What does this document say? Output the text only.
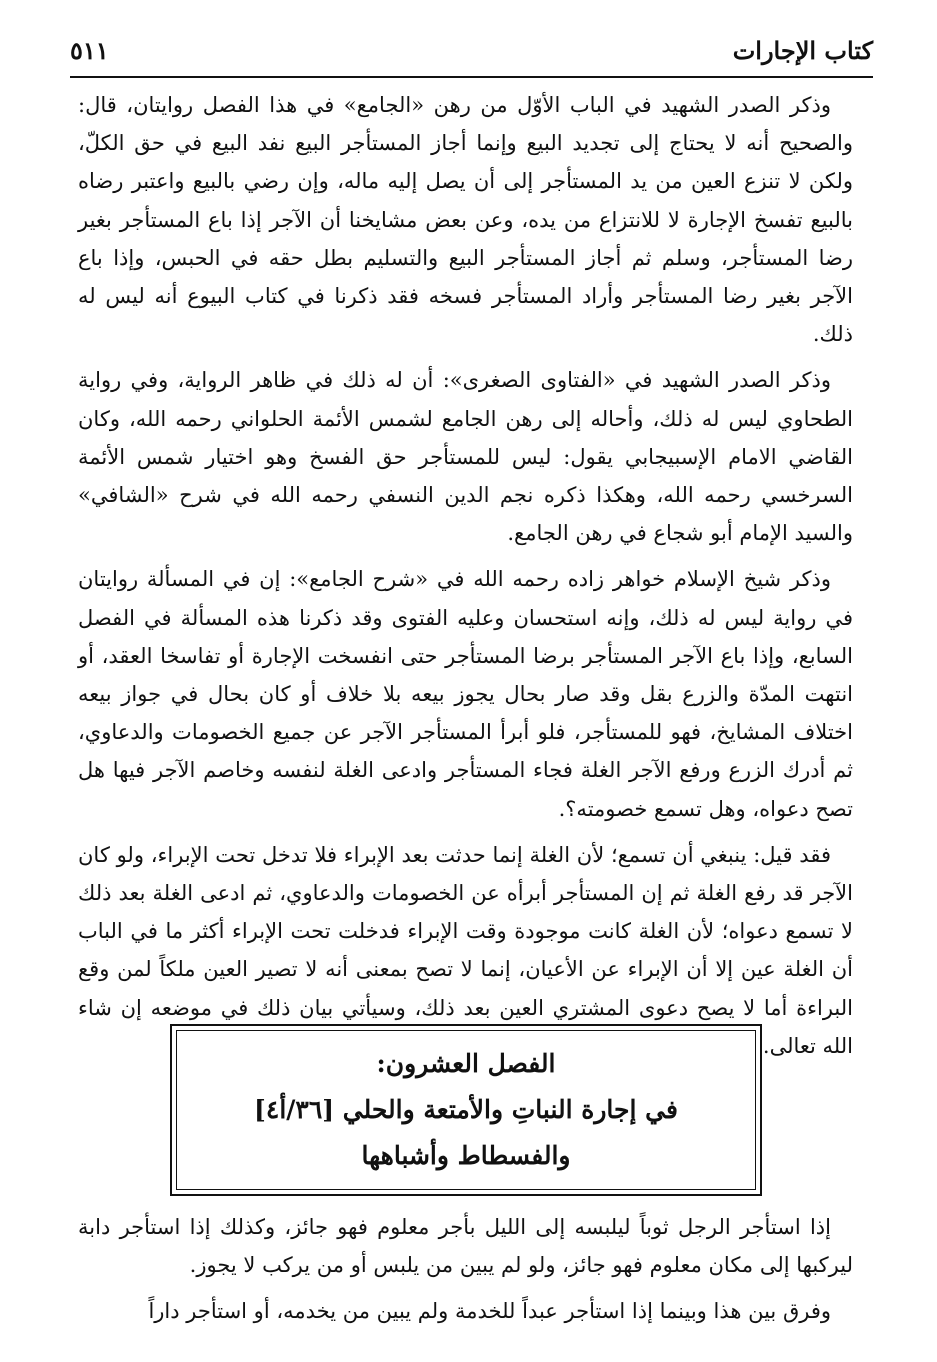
كتاب الإجارات
٥١١

وذكر الصدر الشهيد في الباب الأوّل من رهن «الجامع» في هذا الفصل روايتان، قال: والصحيح أنه لا يحتاج إلى تجديد البيع وإنما أجاز المستأجر البيع نفد البيع في حق الكلّ، ولكن لا تنزع العين من يد المستأجر إلى أن يصل إليه ماله، وإن رضي بالبيع واعتبر رضاه بالبيع تفسخ الإجارة لا للانتزاع من يده، وعن بعض مشايخنا أن الآجر إذا باع المستأجر بغير رضا المستأجر، وسلم ثم أجاز المستأجر البيع والتسليم بطل حقه في الحبس، وإذا باع الآجر بغير رضا المستأجر وأراد المستأجر فسخه فقد ذكرنا في كتاب البيوع أنه ليس له ذلك.

وذكر الصدر الشهيد في «الفتاوى الصغرى»: أن له ذلك في ظاهر الرواية، وفي رواية الطحاوي ليس له ذلك، وأحاله إلى رهن الجامع لشمس الأئمة الحلواني رحمه الله، وكان القاضي الامام الإسبيجابي يقول: ليس للمستأجر حق الفسخ وهو اختيار شمس الأئمة السرخسي رحمه الله، وهكذا ذكره نجم الدين النسفي رحمه الله في شرح «الشافي» والسيد الإمام أبو شجاع في رهن الجامع.

وذكر شيخ الإسلام خواهر زاده رحمه الله في «شرح الجامع»: إن في المسألة روايتان في رواية ليس له ذلك، وإنه استحسان وعليه الفتوى وقد ذكرنا هذه المسألة في الفصل السابع، وإذا باع الآجر المستأجر برضا المستأجر حتى انفسخت الإجارة أو تفاسخا العقد، أو انتهت المدّة والزرع بقل وقد صار بحال يجوز بيعه بلا خلاف أو كان بحال في جواز بيعه اختلاف المشايخ، فهو للمستأجر، فلو أبرأ المستأجر الآجر عن جميع الخصومات والدعاوي، ثم أدرك الزرع ورفع الآجر الغلة فجاء المستأجر وادعى الغلة لنفسه وخاصم الآجر فيها هل تصح دعواه، وهل تسمع خصومته؟.

فقد قيل: ينبغي أن تسمع؛ لأن الغلة إنما حدثت بعد الإبراء فلا تدخل تحت الإبراء، ولو كان الآجر قد رفع الغلة ثم إن المستأجر أبرأه عن الخصومات والدعاوي، ثم ادعى الغلة بعد ذلك لا تسمع دعواه؛ لأن الغلة كانت موجودة وقت الإبراء فدخلت تحت الإبراء أكثر ما في الباب أن الغلة عين إلا أن الإبراء عن الأعيان، إنما لا تصح بمعنى أنه لا تصير العين ملكاً لمن وقع البراءة أما لا يصح دعوى المشتري العين بعد ذلك، وسيأتي بيان ذلك في موضعه إن شاء الله تعالى.

الفصل العشرون:
في إجارة النباتِ والأمتعة والحلي [٣٦/أ٤]
والفسطاط وأشباهها

إذا استأجر الرجل ثوباً ليلبسه إلى الليل بأجر معلوم فهو جائز، وكذلك إذا استأجر دابة ليركبها إلى مكان معلوم فهو جائز، ولو لم يبين من يلبس أو من يركب لا يجوز.

وفرق بين هذا وبينما إذا استأجر عبداً للخدمة ولم يبين من يخدمه، أو استأجر داراً
